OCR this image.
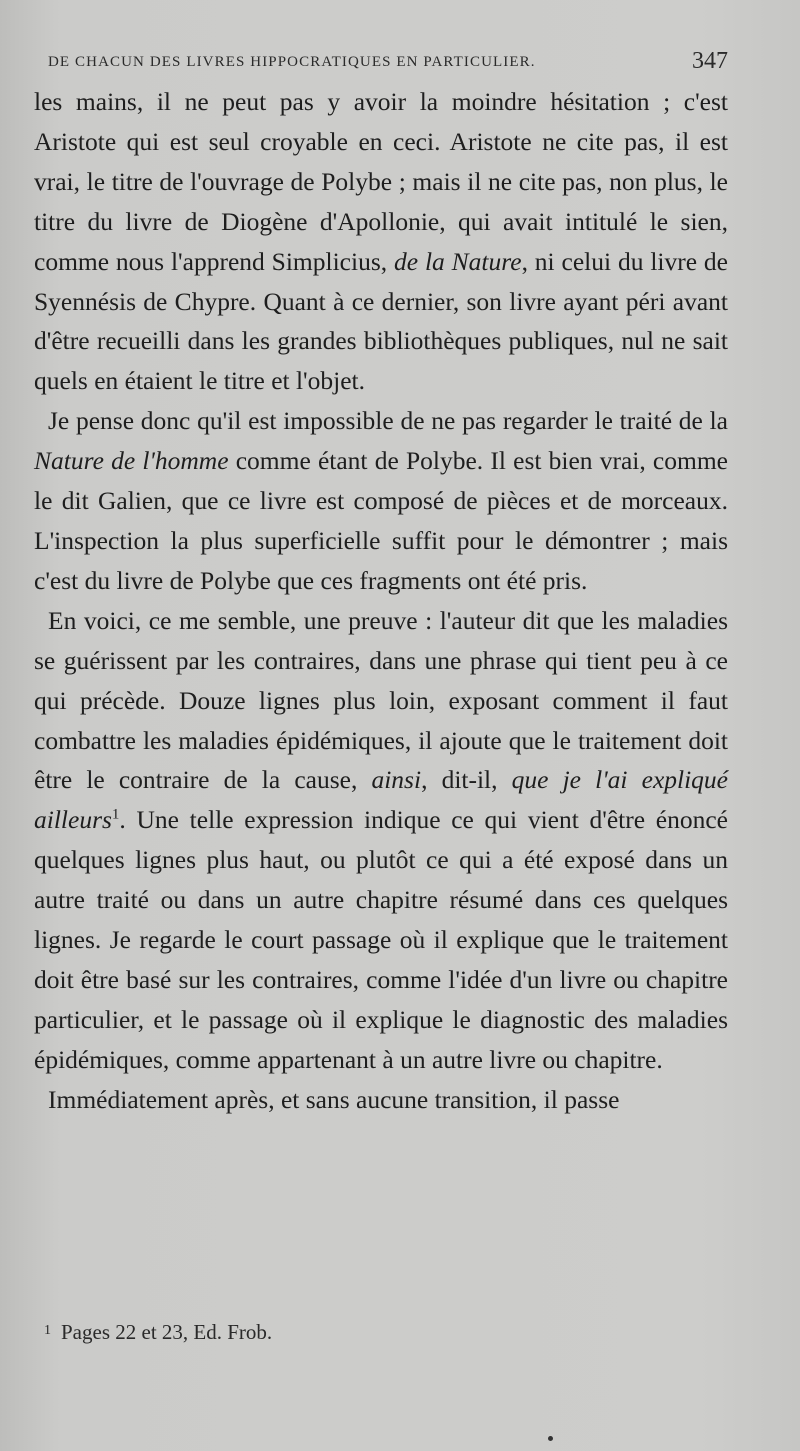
DE CHACUN DES LIVRES HIPPOCRATIQUES EN PARTICULIER.	347

les mains, il ne peut pas y avoir la moindre hésitation ; c'est Aristote qui est seul croyable en ceci. Aristote ne cite pas, il est vrai, le titre de l'ouvrage de Polybe ; mais il ne cite pas, non plus, le titre du livre de Diogène d'Apollonie, qui avait intitulé le sien, comme nous l'apprend Simplicius, de la Nature, ni celui du livre de Syennésis de Chypre. Quant à ce dernier, son livre ayant péri avant d'être recueilli dans les grandes bibliothèques publiques, nul ne sait quels en étaient le titre et l'objet.

Je pense donc qu'il est impossible de ne pas regarder le traité de la Nature de l'homme comme étant de Polybe. Il est bien vrai, comme le dit Galien, que ce livre est composé de pièces et de morceaux. L'inspection la plus superficielle suffit pour le démontrer ; mais c'est du livre de Polybe que ces fragments ont été pris.

En voici, ce me semble, une preuve : l'auteur dit que les maladies se guérissent par les contraires, dans une phrase qui tient peu à ce qui précède. Douze lignes plus loin, exposant comment il faut combattre les maladies épidémiques, il ajoute que le traitement doit être le contraire de la cause, ainsi, dit-il, que je l'ai expliqué ailleurs$^1$. Une telle expression indique ce qui vient d'être énoncé quelques lignes plus haut, ou plutôt ce qui a été exposé dans un autre traité ou dans un autre chapitre résumé dans ces quelques lignes. Je regarde le court passage où il explique que le traitement doit être basé sur les contraires, comme l'idée d'un livre ou chapitre particulier, et le passage où il explique le diagnostic des maladies épidémiques, comme appartenant à un autre livre ou chapitre.

Immédiatement après, et sans aucune transition, il passe

$^1$ Pages 22 et 23, Ed. Frob.
